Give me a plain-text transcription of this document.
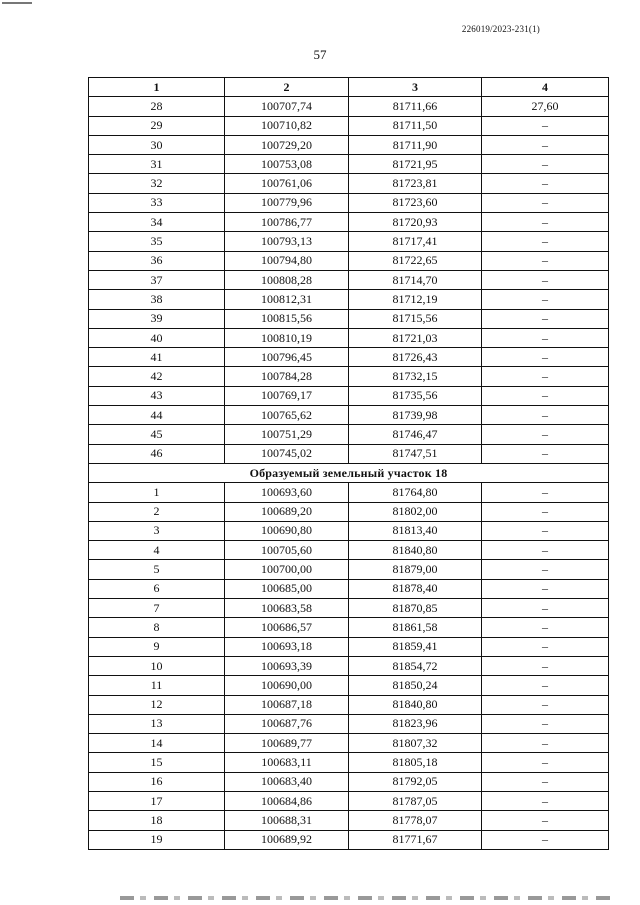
226019/2023-231(1)
57
1	2	3	4
28	100707,74	81711,66	27,60
29	100710,82	81711,50	–
30	100729,20	81711,90	–
31	100753,08	81721,95	–
32	100761,06	81723,81	–
33	100779,96	81723,60	–
34	100786,77	81720,93	–
35	100793,13	81717,41	–
36	100794,80	81722,65	–
37	100808,28	81714,70	–
38	100812,31	81712,19	–
39	100815,56	81715,56	–
40	100810,19	81721,03	–
41	100796,45	81726,43	–
42	100784,28	81732,15	–
43	100769,17	81735,56	–
44	100765,62	81739,98	–
45	100751,29	81746,47	–
46	100745,02	81747,51	–
Образуемый земельный участок 18			
1	100693,60	81764,80	–
2	100689,20	81802,00	–
3	100690,80	81813,40	–
4	100705,60	81840,80	–
5	100700,00	81879,00	–
6	100685,00	81878,40	–
7	100683,58	81870,85	–
8	100686,57	81861,58	–
9	100693,18	81859,41	–
10	100693,39	81854,72	–
11	100690,00	81850,24	–
12	100687,18	81840,80	–
13	100687,76	81823,96	–
14	100689,77	81807,32	–
15	100683,11	81805,18	–
16	100683,40	81792,05	–
17	100684,86	81787,05	–
18	100688,31	81778,07	–
19	100689,92	81771,67	–
